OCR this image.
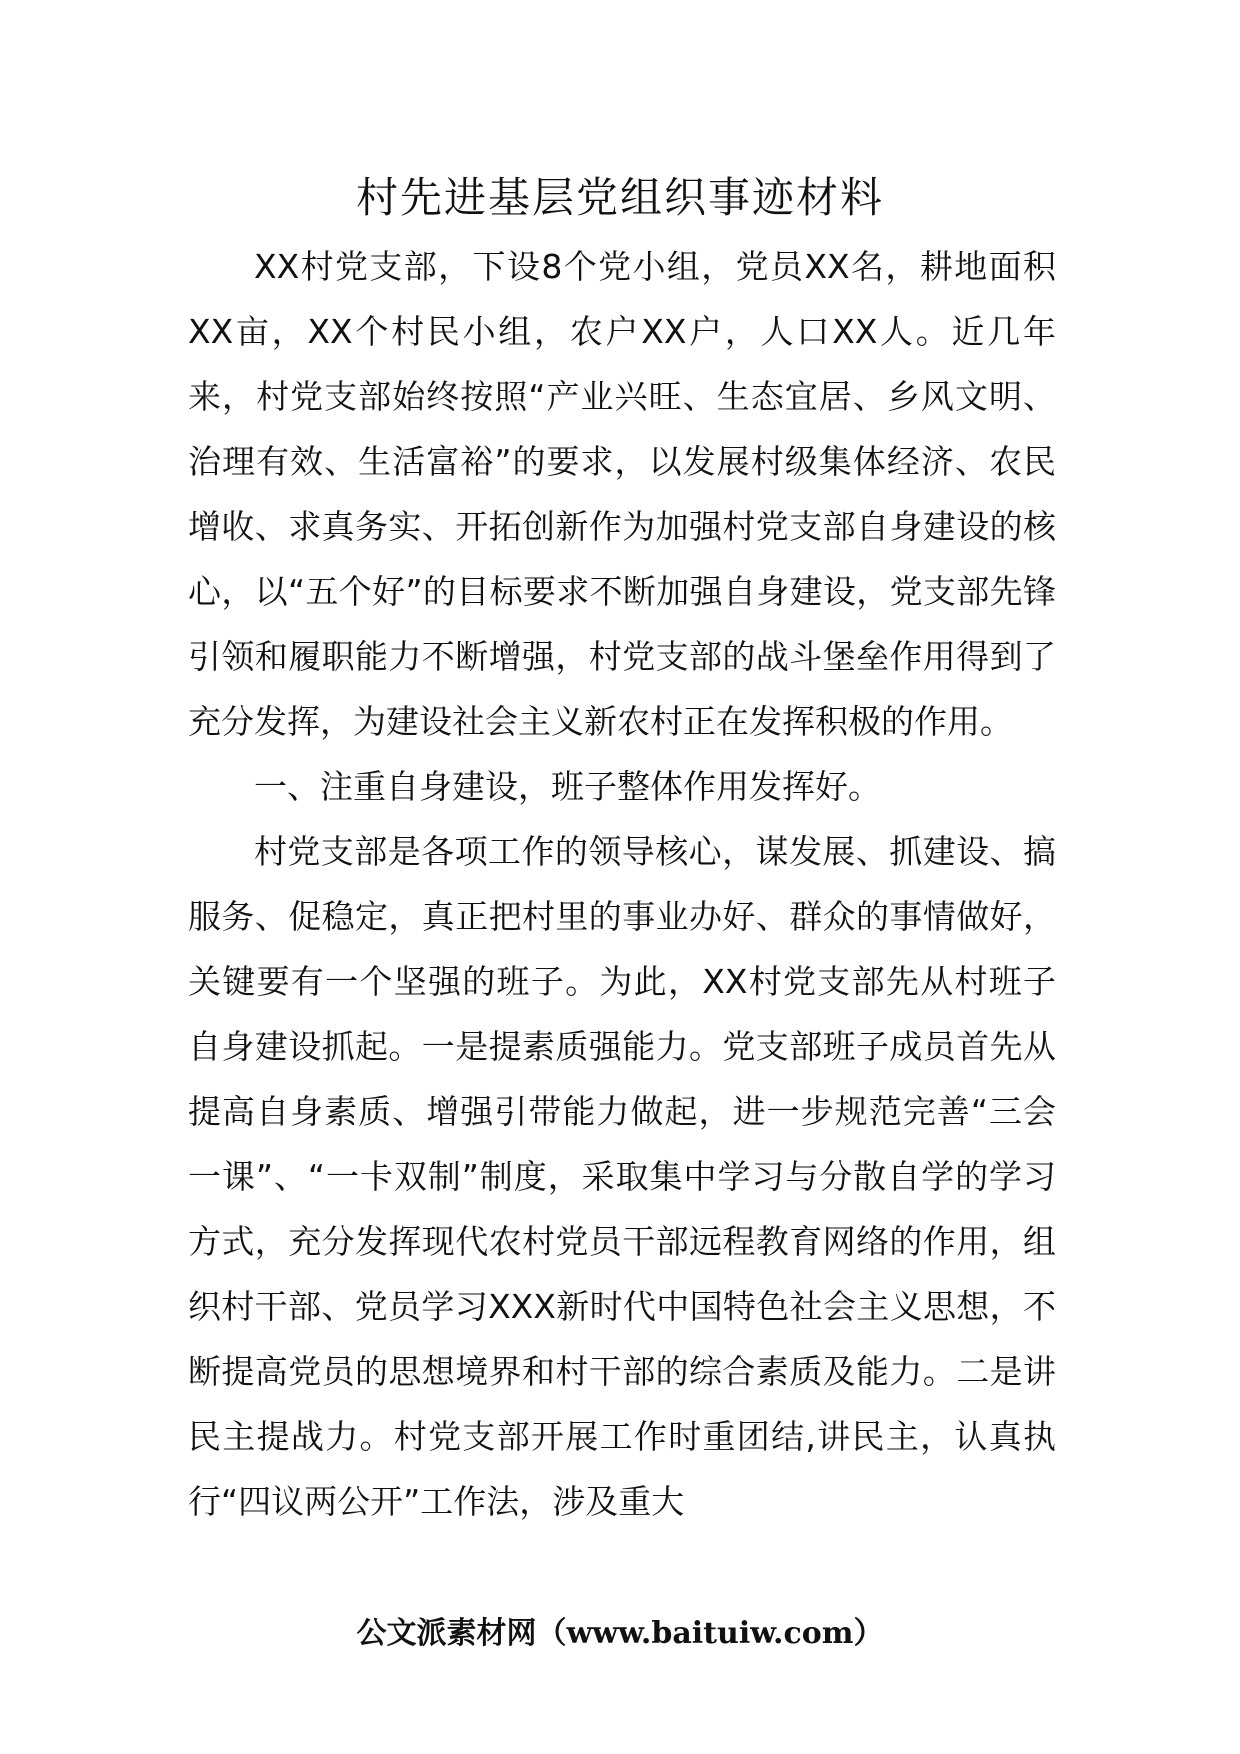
村先进基层党组织事迹材料

XX村党支部，下设8个党小组，党员XX名，耕地面积XX亩，XX个村民小组，农户XX户，人口XX人。近几年来，村党支部始终按照“产业兴旺、生态宜居、乡风文明、治理有效、生活富裕”的要求，以发展村级集体经济、农民增收、求真务实、开拓创新作为加强村党支部自身建设的核心，以“五个好”的目标要求不断加强自身建设，党支部先锋引领和履职能力不断增强，村党支部的战斗堡垒作用得到了充分发挥，为建设社会主义新农村正在发挥积极的作用。

一、注重自身建设，班子整体作用发挥好。

村党支部是各项工作的领导核心，谋发展、抓建设、搞服务、促稳定，真正把村里的事业办好、群众的事情做好，关键要有一个坚强的班子。为此，XX村党支部先从村班子自身建设抓起。一是提素质强能力。党支部班子成员首先从提高自身素质、增强引带能力做起，进一步规范完善“三会一课”、“一卡双制”制度，采取集中学习与分散自学的学习方式，充分发挥现代农村党员干部远程教育网络的作用，组织村干部、党员学习XXX新时代中国特色社会主义思想，不断提高党员的思想境界和村干部的综合素质及能力。二是讲民主提战力。村党支部开展工作时重团结,讲民主，认真执行“四议两公开”工作法，涉及重大

公文派素材网（www.baituiw.com）
